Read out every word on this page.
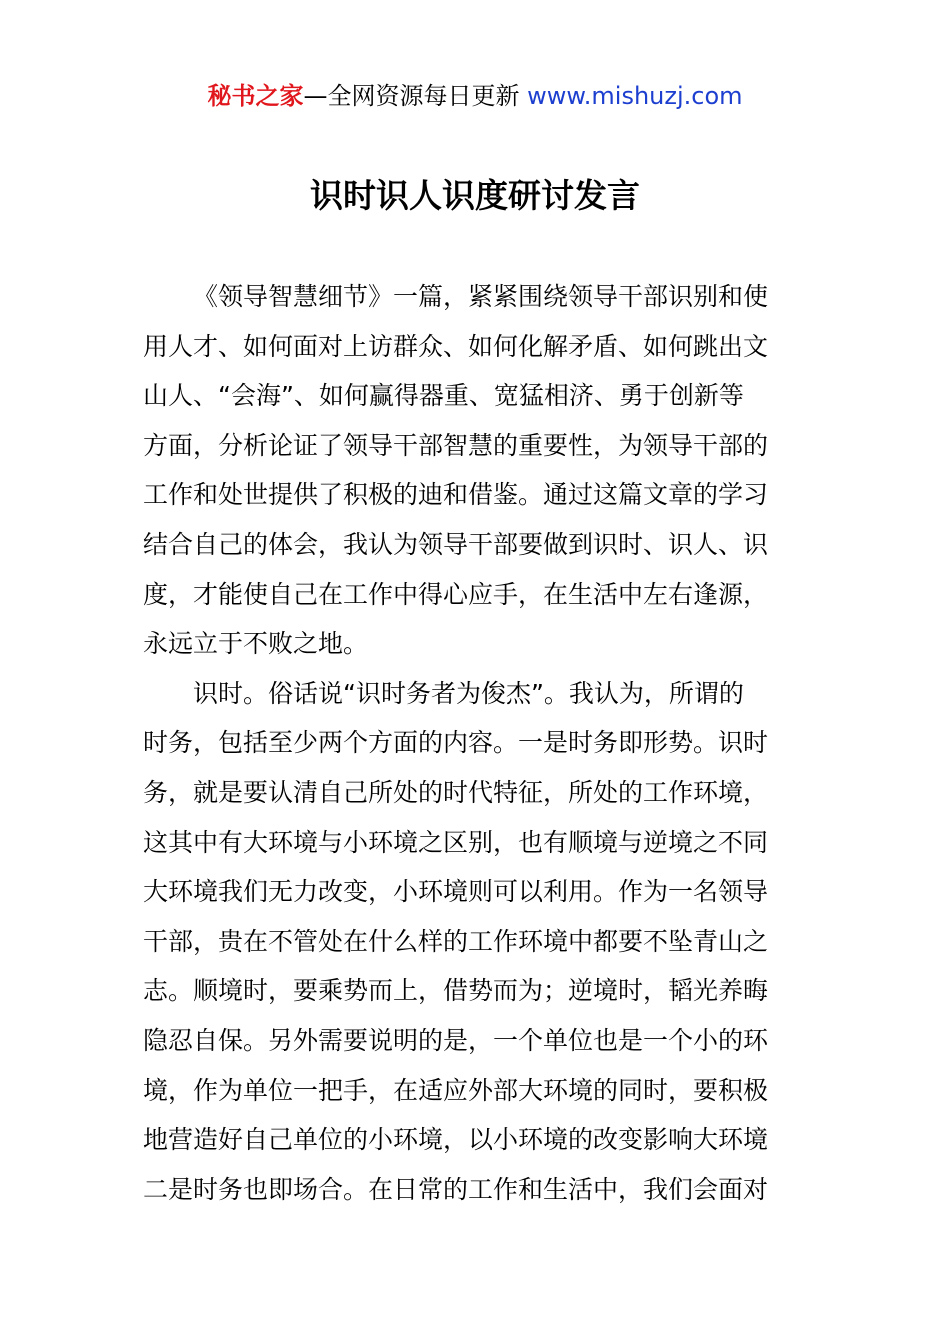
秘书之家—全网资源每日更新 www.mishuzj.com
识时识人识度研讨发言
《领导智慧细节》一篇，紧紧围绕领导干部识别和使
用人才、如何面对上访群众、如何化解矛盾、如何跳出文
山人、“会海”、如何赢得器重、宽猛相济、勇于创新等
方面，分析论证了领导干部智慧的重要性，为领导干部的
工作和处世提供了积极的迪和借鉴。通过这篇文章的学习
结合自己的体会，我认为领导干部要做到识时、识人、识
度，才能使自己在工作中得心应手，在生活中左右逢源，
永远立于不败之地。
识时。俗话说“识时务者为俊杰”。我认为，所谓的
时务，包括至少两个方面的内容。一是时务即形势。识时
务，就是要认清自己所处的时代特征，所处的工作环境，
这其中有大环境与小环境之区别，也有顺境与逆境之不同
大环境我们无力改变，小环境则可以利用。作为一名领导
干部，贵在不管处在什么样的工作环境中都要不坠青山之
志。顺境时，要乘势而上，借势而为；逆境时，韬光养晦
隐忍自保。另外需要说明的是，一个单位也是一个小的环
境，作为单位一把手，在适应外部大环境的同时，要积极
地营造好自己单位的小环境，以小环境的改变影响大环境
二是时务也即场合。在日常的工作和生活中，我们会面对
